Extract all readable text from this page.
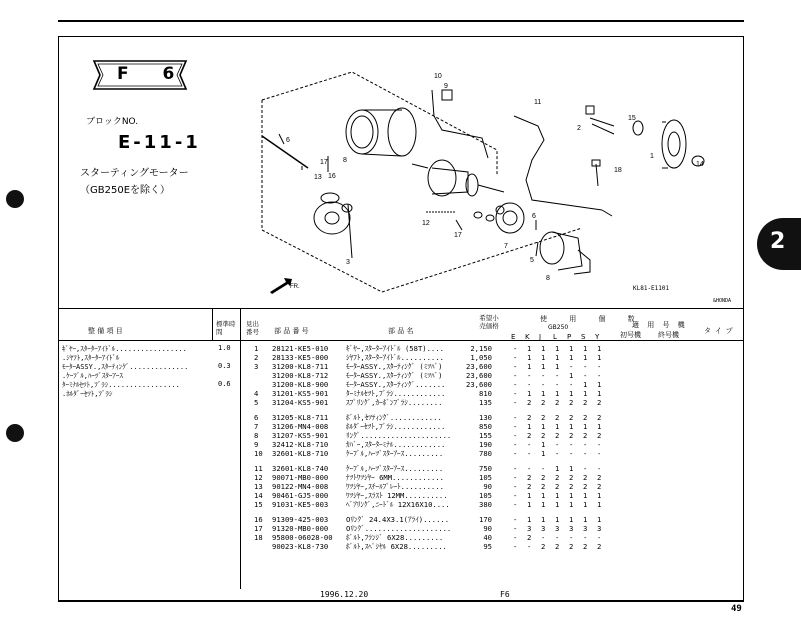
2
F 6
ブロックNO.
E-11-1
スターティングモーター
（GB250Eを除く）
6
17
13 16
8
3
10
9
11
12
17
7
6
5
8
2
15
1
14
18
FR.	KL81-E1101
&HONDA
整 備 項 目
標準時間
見出番号	部 品 番 号	部 品 名
希望小売価格
使 用 個 数
GB250
E K J L P S Y
適 用 号 機
初号機 終号機	タイプ
ｷﾞﾔｰ,ｽﾀｰﾀｰｱｲﾄﾞﾙ.................	1.0
.ｼﾔﾌﾄ,ｽﾀｰﾀｰｱｲﾄﾞﾙ
ﾓｰﾀｰASSY.,ｽﾀｰﾃｨﾝｸﾞ..............	0.3
.ｹｰﾌﾞﾙ,ﾊｰﾂﾞｽﾀｰｱｰｽ
ﾀｰﾐﾅﾙｾﾂﾄ,ﾌﾞﾗｼ.................	0.6
.ﾎﾙﾀﾞｰｾﾂﾄ,ﾌﾞﾗｼ
1 28121-KE5-010 ｷﾞﾔｰ,ｽﾀｰﾀｰｱｲﾄﾞﾙ (58T)....	2,150	- 1 1 1 1 1 1
2 28133-KE5-000 ｼﾔﾌﾄ,ｽﾀｰﾀｰｱｲﾄﾞﾙ..........	1,050	- 1 1 1 1 1 1
3 31200-KL8-711 ﾓｰﾀｰASSY.,ｽﾀｰﾃｨﾝｸﾞ (ﾐﾂﾊﾞ)	23,600	- 1 1 1 - - -
31200-KL8-712 ﾓｰﾀｰASSY.,ｽﾀｰﾃｨﾝｸﾞ (ﾐﾂﾊﾞ)	23,600	- - - - 1 - -
31200-KL8-900 ﾓｰﾀｰASSY.,ｽﾀｰﾃｨﾝｸﾞ.......	23,600	- - - - - 1 1
4 31201-KS5-901 ﾀｰﾐﾅﾙｾﾂﾄ,ﾌﾞﾗｼ............	810	- 1 1 1 1 1 1
5 31204-KS5-901 ｽﾌﾟﾘﾝｸﾞ,ｶｰﾎﾞﾝﾌﾞﾗｼ........	135	- 2 2 2 2 2 2
6 31205-KL8-711 ﾎﾞﾙﾄ,ｾﾂﾃｨﾝｸﾞ............	130	- 2 2 2 2 2 2
7 31206-MN4-008 ﾎﾙﾀﾞｰｾﾂﾄ,ﾌﾞﾗｼ............	850	- 1 1 1 1 1 1
8 31207-KS5-901 ﾘﾝｸﾞ.....................	155	- 2 2 2 2 2 2
9 32412-KL8-710 ｶﾊﾞｰ,ｽﾀｰﾀｰﾐﾅﾙ............	190	- - 1 - - - -
10 32601-KL8-710 ｹｰﾌﾞﾙ,ﾊｰﾂﾞｽﾀｰｱｰｽ.........	780	- - 1 - - - -
11 32601-KL8-740 ｹｰﾌﾞﾙ,ﾊｰﾂﾞｽﾀｰｱｰｽ.........	750	- - - 1 1 - -
12 90071-MB0-000 ﾅﾂﾄﾜﾂｼﾔｰ 6MM............	105	- 2 2 2 2 2 2
13 90122-MN4-008 ﾜﾂｼﾔｰ,ｽﾁｰﾙﾌﾟﾚｰﾄ..........	90	- 2 2 2 2 2 2
14 90461-GJ5-000 ﾜﾂｼﾔｰ,ｽﾗｽﾄ 12MM..........	105	- 1 1 1 1 1 1
15 91031-KE5-003 ﾍﾞｱﾘﾝｸﾞ,ﾆｰﾄﾞﾙ 12X16X10....	380	- 1 1 1 1 1 1
16 91309-425-003 Oﾘﾝｸﾞ 24.4X3.1(ｱﾗｲ)......	170	- 1 1 1 1 1 1
17 91320-MB0-000 Oﾘﾝｸﾞ....................	90	- 3 3 3 3 3 3
18 95800-06028-00 ﾎﾞﾙﾄ,ﾌﾗﾝｼﾞ 6X28.........	40	- 2 - - - - -
90023-KL8-730 ﾎﾞﾙﾄ,ｽﾍﾟｼﾔﾙ 6X28.........	95	- - 2 2 2 2 2
1996.12.20	F6
49
